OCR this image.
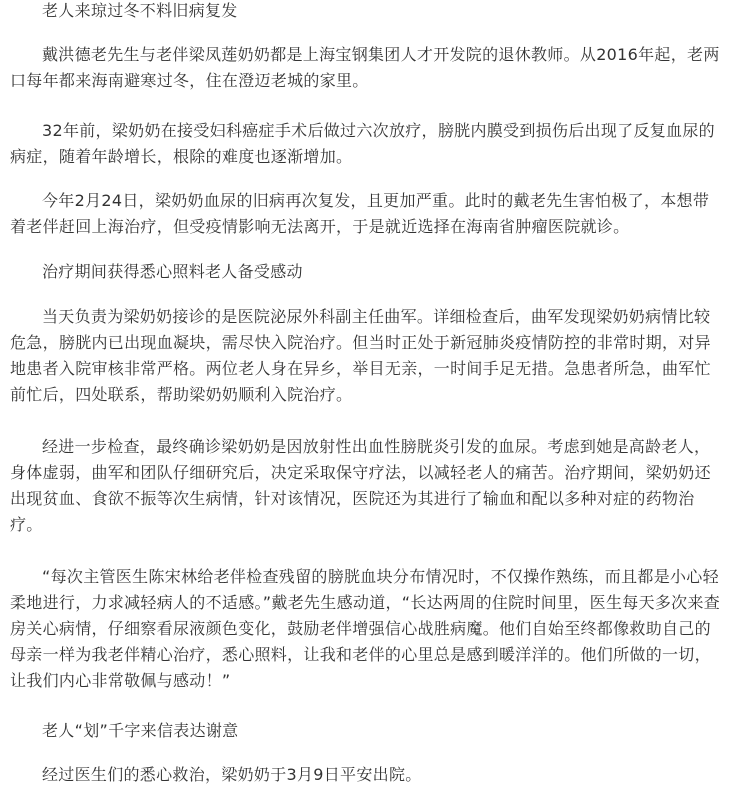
老人来琼过冬不料旧病复发

戴洪德老先生与老伴梁凤莲奶奶都是上海宝钢集团人才开发院的退休教师。从2016年起，老两口每年都来海南避寒过冬，住在澄迈老城的家里。

32年前，梁奶奶在接受妇科癌症手术后做过六次放疗，膀胱内膜受到损伤后出现了反复血尿的病症，随着年龄增长，根除的难度也逐渐增加。

今年2月24日，梁奶奶血尿的旧病再次复发，且更加严重。此时的戴老先生害怕极了，本想带着老伴赶回上海治疗，但受疫情影响无法离开，于是就近选择在海南省肿瘤医院就诊。

治疗期间获得悉心照料老人备受感动

当天负责为梁奶奶接诊的是医院泌尿外科副主任曲军。详细检查后，曲军发现梁奶奶病情比较危急，膀胱内已出现血凝块，需尽快入院治疗。但当时正处于新冠肺炎疫情防控的非常时期，对异地患者入院审核非常严格。两位老人身在异乡，举目无亲，一时间手足无措。急患者所急，曲军忙前忙后，四处联系，帮助梁奶奶顺利入院治疗。

经进一步检查，最终确诊梁奶奶是因放射性出血性膀胱炎引发的血尿。考虑到她是高龄老人，身体虚弱，曲军和团队仔细研究后，决定采取保守疗法，以减轻老人的痛苦。治疗期间，梁奶奶还出现贫血、食欲不振等次生病情，针对该情况，医院还为其进行了输血和配以多种对症的药物治疗。

“每次主管医生陈宋林给老伴检查残留的膀胱血块分布情况时，不仅操作熟练，而且都是小心轻柔地进行，力求减轻病人的不适感。”戴老先生感动道，“长达两周的住院时间里，医生每天多次来查房关心病情，仔细察看尿液颜色变化，鼓励老伴增强信心战胜病魔。他们自始至终都像救助自己的母亲一样为我老伴精心治疗，悉心照料，让我和老伴的心里总是感到暖洋洋的。他们所做的一切，让我们内心非常敬佩与感动！”

老人“划”千字来信表达谢意

经过医生们的悉心救治，梁奶奶于3月9日平安出院。
